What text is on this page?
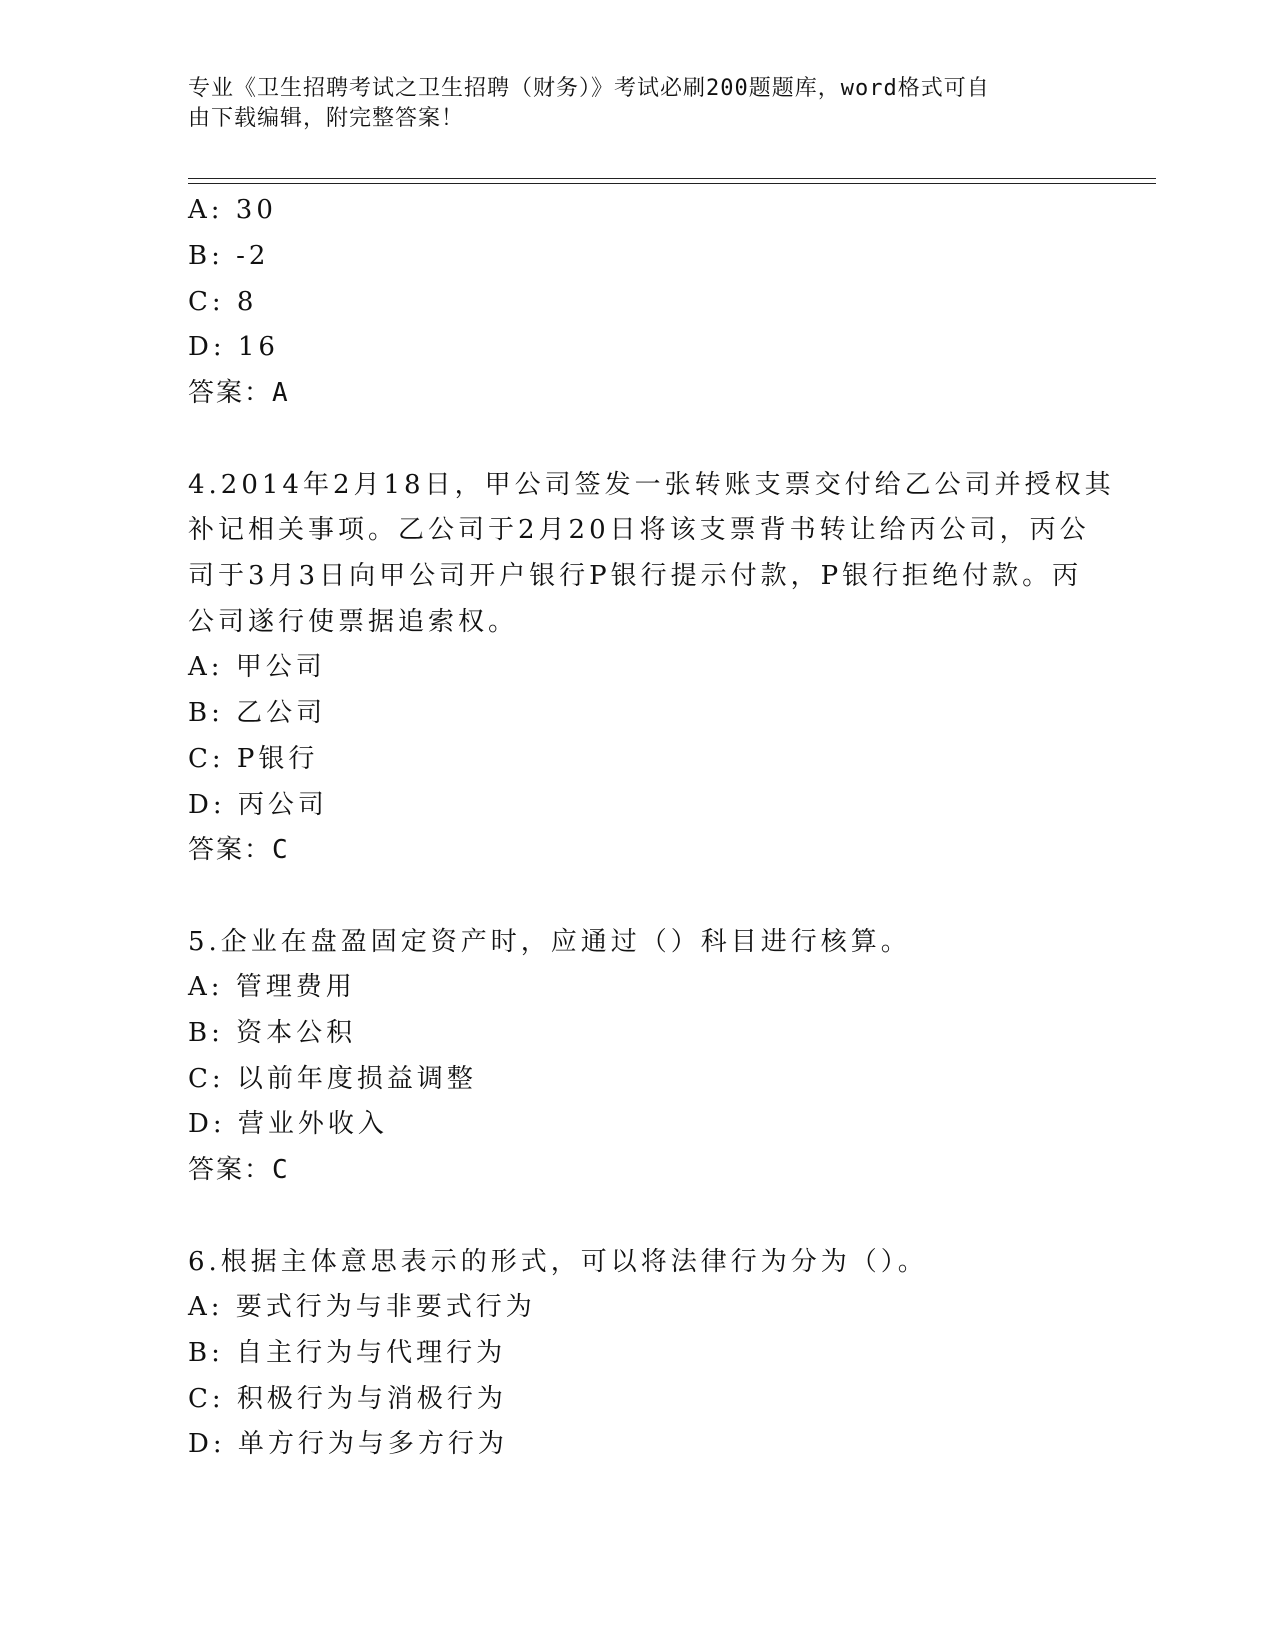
专业《卫生招聘考试之卫生招聘（财务）》考试必刷200题题库，word格式可自
由下载编辑，附完整答案！
A: 30
B: -2
C: 8
D: 16
答案：A
4.2014年2月18日，甲公司签发一张转账支票交付给乙公司并授权其
补记相关事项。乙公司于2月20日将该支票背书转让给丙公司，丙公
司于3月3日向甲公司开户银行P银行提示付款，P银行拒绝付款。丙
公司遂行使票据追索权。
A: 甲公司
B: 乙公司
C: P银行
D: 丙公司
答案：C
5.企业在盘盈固定资产时，应通过（）科目进行核算。
A: 管理费用
B: 资本公积
C: 以前年度损益调整
D: 营业外收入
答案：C
6.根据主体意思表示的形式，可以将法律行为分为（）。
A: 要式行为与非要式行为
B: 自主行为与代理行为
C: 积极行为与消极行为
D: 单方行为与多方行为
